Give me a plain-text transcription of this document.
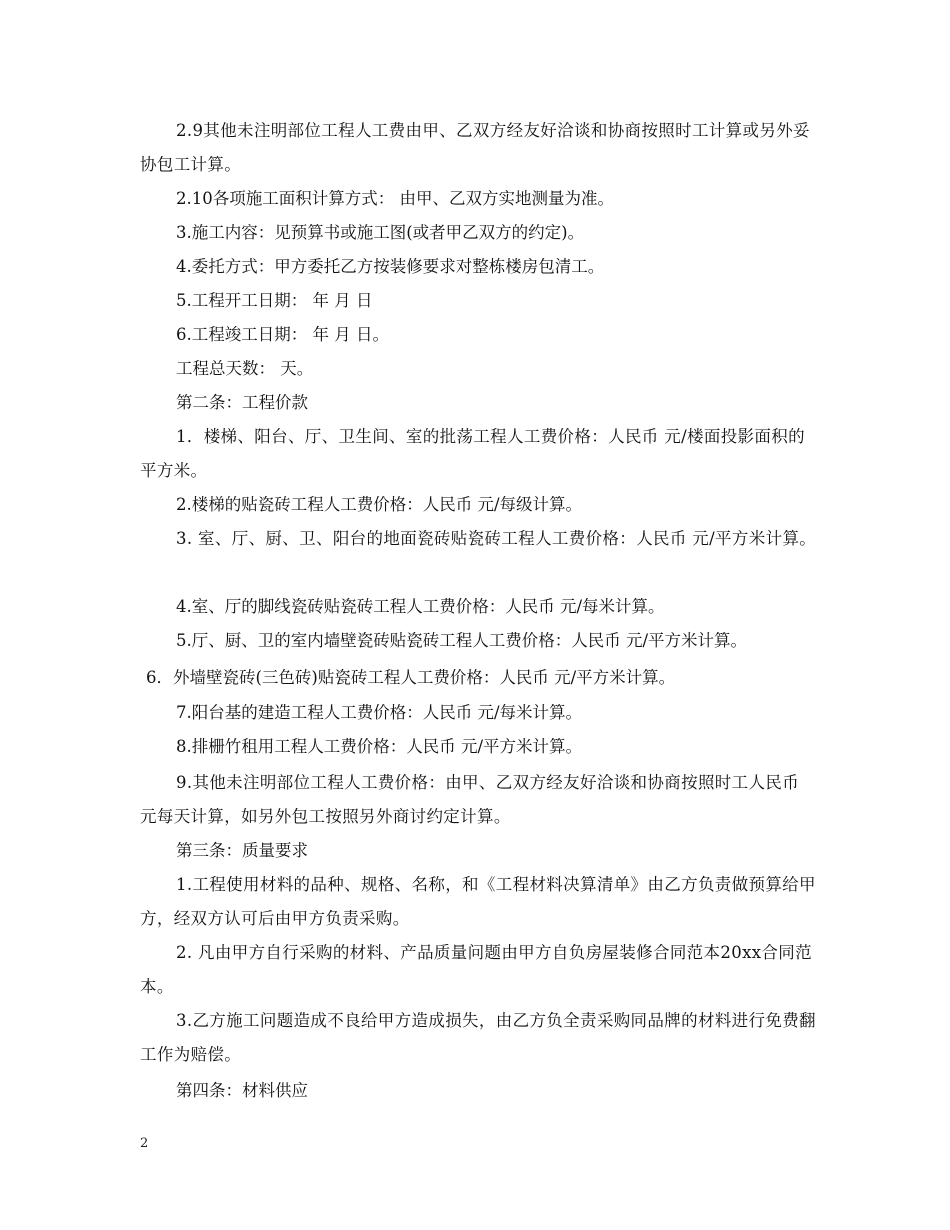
2.9其他未注明部位工程人工费由甲、乙双方经友好洽谈和协商按照时工计算或另外妥协包工计算。
2.10各项施工面积计算方式： 由甲、乙双方实地测量为准。
3.施工内容：见预算书或施工图(或者甲乙双方的约定)。
4.委托方式：甲方委托乙方按装修要求对整栋楼房包清工。
5.工程开工日期： 年 月 日
6.工程竣工日期： 年 月 日。
工程总天数： 天。
第二条：工程价款
1．楼梯、阳台、厅、卫生间、室的批荡工程人工费价格：人民币 元/楼面投影面积的平方米。
2.楼梯的贴瓷砖工程人工费价格：人民币 元/每级计算。
3. 室、厅、厨、卫、阳台的地面瓷砖贴瓷砖工程人工费价格：人民币 元/平方米计算。
4.室、厅的脚线瓷砖贴瓷砖工程人工费价格：人民币 元/每米计算。
5.厅、厨、卫的室内墙壁瓷砖贴瓷砖工程人工费价格：人民币 元/平方米计算。
6．外墙壁瓷砖(三色砖)贴瓷砖工程人工费价格：人民币 元/平方米计算。
7.阳台基的建造工程人工费价格：人民币 元/每米计算。
8.排栅竹租用工程人工费价格：人民币 元/平方米计算。
9.其他未注明部位工程人工费价格：由甲、乙双方经友好洽谈和协商按照时工人民币 元每天计算，如另外包工按照另外商讨约定计算。
第三条：质量要求
1.工程使用材料的品种、规格、名称，和《工程材料决算清单》由乙方负责做预算给甲方，经双方认可后由甲方负责采购。
2. 凡由甲方自行采购的材料、产品质量问题由甲方自负房屋装修合同范本20xx合同范本。
3.乙方施工问题造成不良给甲方造成损失，由乙方负全责采购同品牌的材料进行免费翻工作为赔偿。
第四条：材料供应
2
